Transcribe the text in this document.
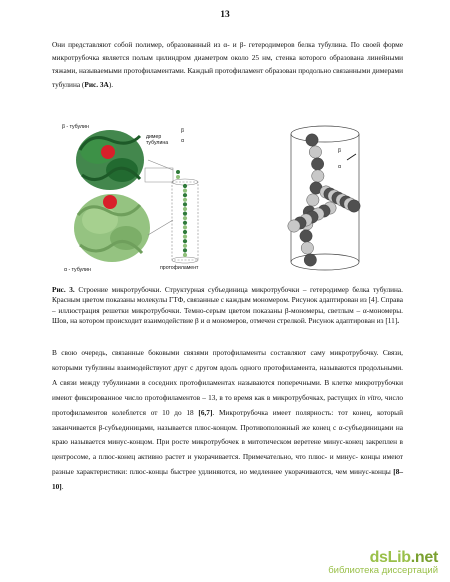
13

Они представляют собой полимер, образованный из α- и β- гетеродимеров белка тубулина. По своей форме микротрубочка является полым цилиндром диаметром около 25 нм, стенка которого образована линейными тяжами, называемыми протофиламентами. Каждый протофиламент образован продольно связанными димерами тубулина (Рис. 3А).

β - тубулин
α - тубулин
димер
тубулина
β
α
протофиламент
β
α

Рис. 3. Строение микротрубочки. Структурная субъединица микротрубочки – гетеродимер белка тубулина. Красным цветом показаны молекулы ГТФ, связанные с каждым мономером. Рисунок адаптирован из [4]. Справа – иллюстрация решетки микротрубочки. Темно-серым цветом показаны β-мономеры, светлым – α-мономеры. Шов, на котором происходит взаимодействие β и α мономеров, отмечен стрелкой. Рисунок адаптирован из [11].

В свою очередь, связанные боковыми связями протофиламенты составляют саму микротрубочку. Связи, которыми тубулины взаимодействуют друг с другом вдоль одного протофиламента, называются продольными. А связи между тубулинами в соседних протофиламентах называются поперечными. В клетке микротрубочки имеют фиксированное число протофиламентов – 13, в то время как в микротрубочках, растущих in vitro, число протофиламентов колеблется от 10 до 18 [6,7]. Микротрубочка имеет полярность: тот конец, который заканчивается β-субъединицами, называется плюс-концом. Противоположный же конец с α-субъединицами на краю называется минус-концом. При росте микротрубочек в митотическом веретене минус-конец закреплен в центросоме, а плюс-конец активно растет и укорачивается. Примечательно, что плюс- и минус- концы имеют разные характеристики: плюс-концы быстрее удлиняются, но медленнее укорачиваются, чем минус-концы [8–10].

dsLib.net
библиотека диссертаций
